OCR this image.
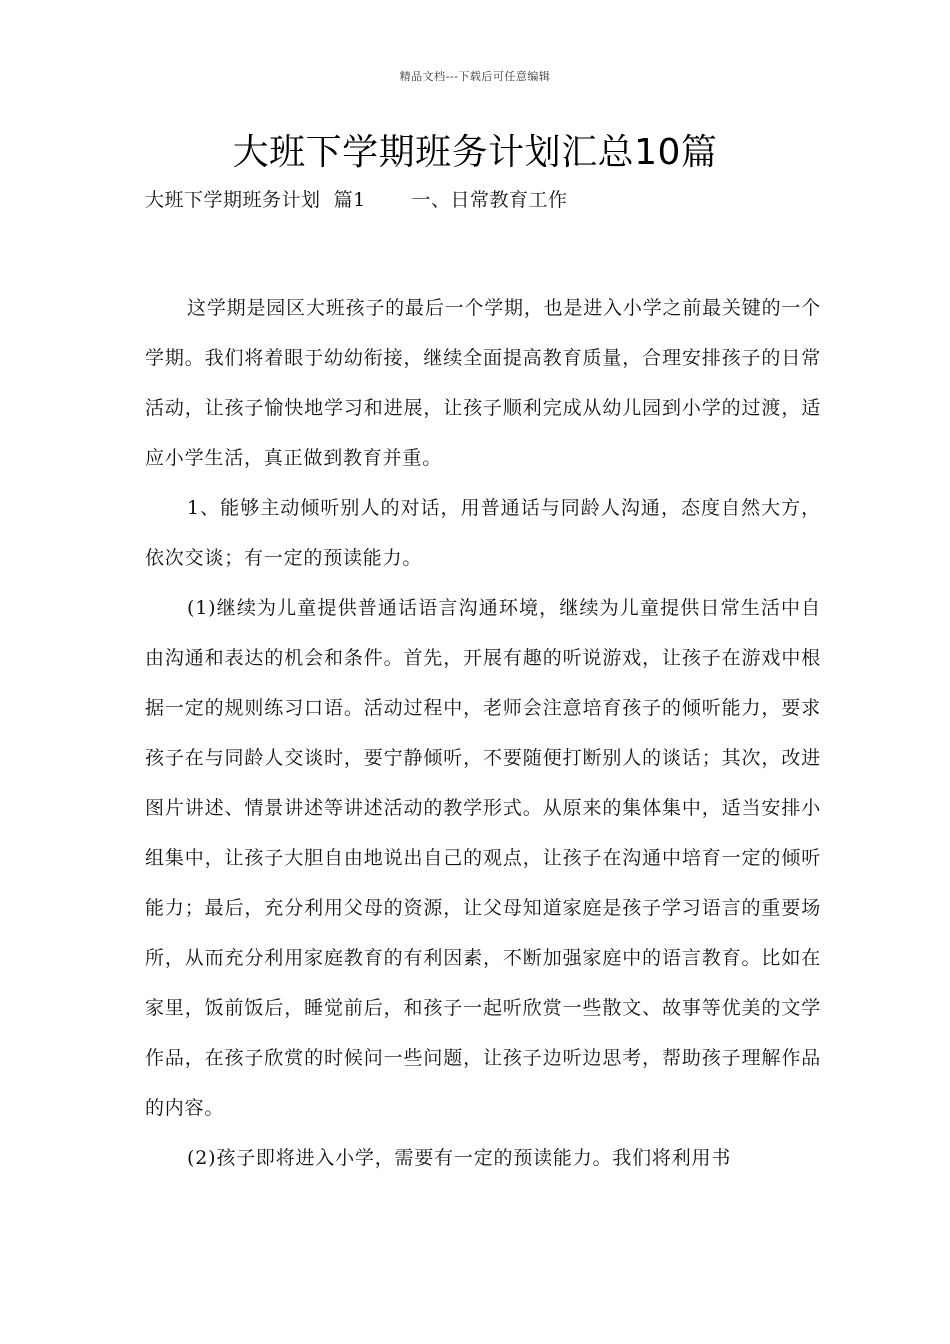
精品文档---下载后可任意编辑
大班下学期班务计划汇总10篇
大班下学期班务计划  篇1       一、日常教育工作

这学期是园区大班孩子的最后一个学期，也是进入小学之前最关键的一个学期。我们将着眼于幼幼衔接，继续全面提高教育质量，合理安排孩子的日常活动，让孩子愉快地学习和进展，让孩子顺利完成从幼儿园到小学的过渡，适应小学生活，真正做到教育并重。

1、能够主动倾听别人的对话，用普通话与同龄人沟通，态度自然大方，依次交谈；有一定的预读能力。

(1)继续为儿童提供普通话语言沟通环境，继续为儿童提供日常生活中自由沟通和表达的机会和条件。首先，开展有趣的听说游戏，让孩子在游戏中根据一定的规则练习口语。活动过程中，老师会注意培育孩子的倾听能力，要求孩子在与同龄人交谈时，要宁静倾听，不要随便打断别人的谈话；其次，改进图片讲述、情景讲述等讲述活动的教学形式。从原来的集体集中，适当安排小组集中，让孩子大胆自由地说出自己的观点，让孩子在沟通中培育一定的倾听能力；最后，充分利用父母的资源，让父母知道家庭是孩子学习语言的重要场所，从而充分利用家庭教育的有利因素，不断加强家庭中的语言教育。比如在家里，饭前饭后，睡觉前后，和孩子一起听欣赏一些散文、故事等优美的文学作品，在孩子欣赏的时候问一些问题，让孩子边听边思考，帮助孩子理解作品的内容。

(2)孩子即将进入小学，需要有一定的预读能力。我们将利用书
